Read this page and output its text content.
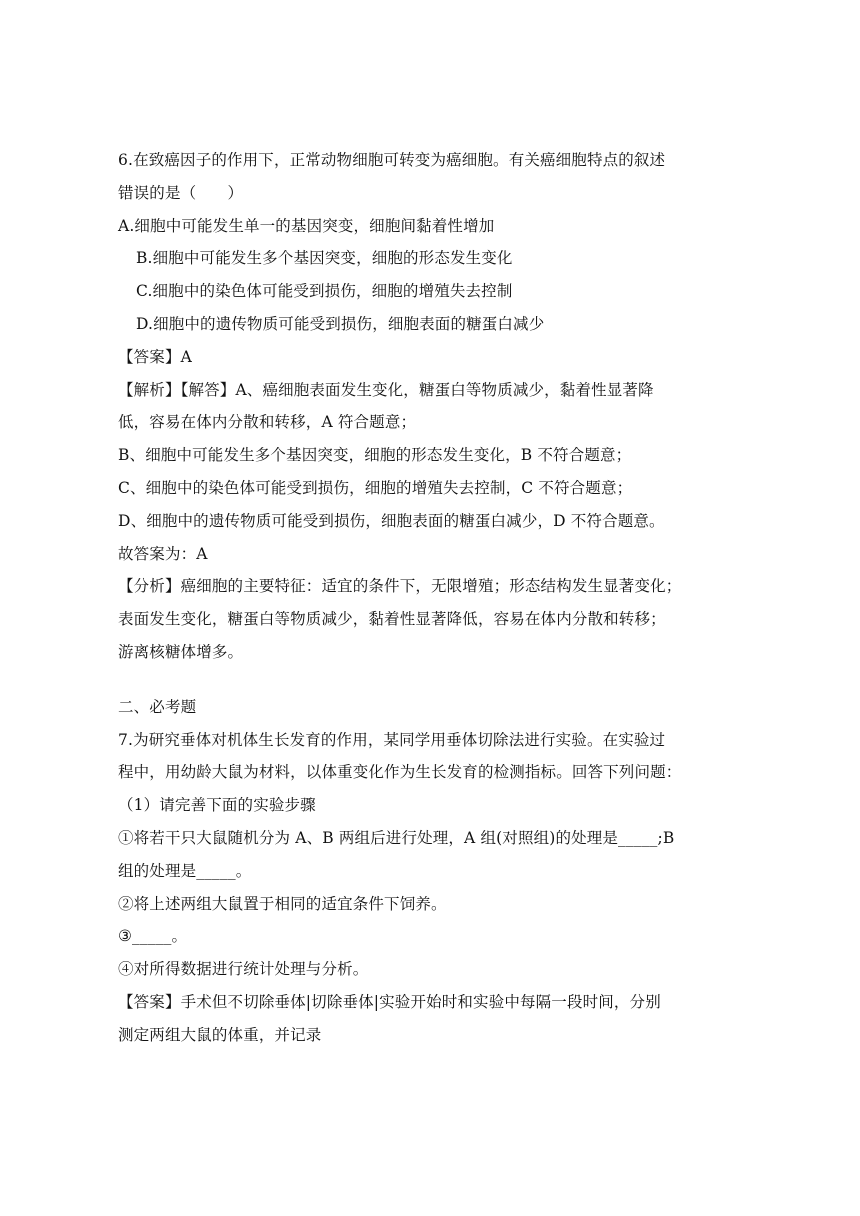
6.在致癌因子的作用下，正常动物细胞可转变为癌细胞。有关癌细胞特点的叙述
错误的是（　　）
A.细胞中可能发生单一的基因突变，细胞间黏着性增加
B.细胞中可能发生多个基因突变，细胞的形态发生变化
C.细胞中的染色体可能受到损伤，细胞的增殖失去控制
D.细胞中的遗传物质可能受到损伤，细胞表面的糖蛋白减少
【答案】A
【解析】【解答】A、癌细胞表面发生变化，糖蛋白等物质减少，黏着性显著降
低，容易在体内分散和转移，A 符合题意；
B、细胞中可能发生多个基因突变，细胞的形态发生变化，B 不符合题意；
C、细胞中的染色体可能受到损伤，细胞的增殖失去控制，C 不符合题意；
D、细胞中的遗传物质可能受到损伤，细胞表面的糖蛋白减少，D 不符合题意。
故答案为：A
【分析】癌细胞的主要特征：适宜的条件下，无限增殖；形态结构发生显著变化；
表面发生变化，糖蛋白等物质减少，黏着性显著降低，容易在体内分散和转移；
游离核糖体增多。
二、必考题
7.为研究垂体对机体生长发育的作用，某同学用垂体切除法进行实验。在实验过
程中，用幼龄大鼠为材料，以体重变化作为生长发育的检测指标。回答下列问题：
（1）请完善下面的实验步骤
①将若干只大鼠随机分为 A、B 两组后进行处理，A 组(对照组)的处理是_____;B
组的处理是_____。
②将上述两组大鼠置于相同的适宜条件下饲养。
③_____。
④对所得数据进行统计处理与分析。
【答案】手术但不切除垂体|切除垂体|实验开始时和实验中每隔一段时间，分别
测定两组大鼠的体重，并记录
